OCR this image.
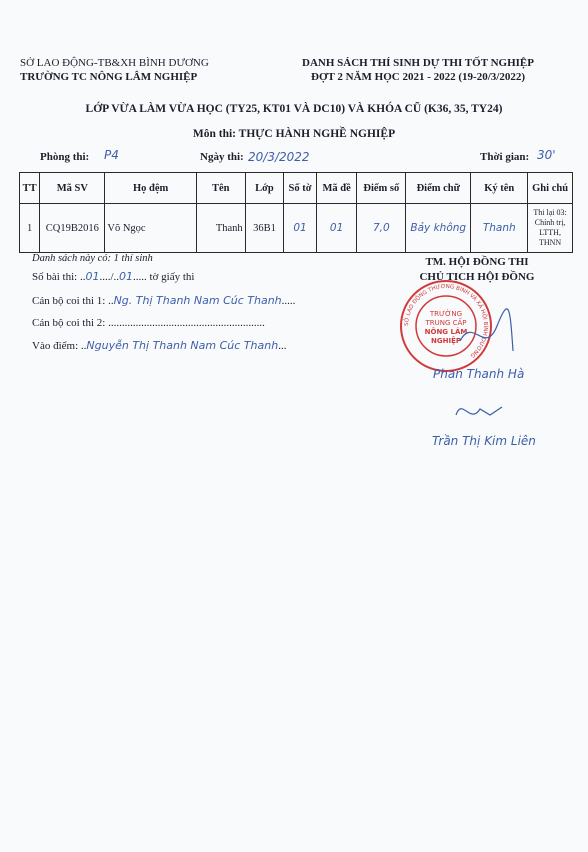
SỞ LAO ĐỘNG-TB&XH BÌNH DƯƠNG
TRƯỜNG TC NÔNG LÂM NGHIỆP
DANH SÁCH THÍ SINH DỰ THI TỐT NGHIỆP
ĐỢT 2 NĂM HỌC 2021 - 2022 (19-20/3/2022)
LỚP VỪA LÀM VỪA HỌC (TY25, KT01 VÀ DC10) VÀ KHÓA CŨ (K36, 35, TY24)
Môn thi: THỰC HÀNH NGHỀ NGHIỆP
Phòng thi: P4	Ngày thi: 20/3/2022	Thời gian: 30'
TT	Mã SV	Họ đệm	Tên	Lớp	Số tờ	Mã đề	Điểm số	Điểm chữ	Ký tên	Ghi chú
1	CQ19B2016	Võ Ngọc	Thanh	36B1	01	01	7,0	Bảy không	Thanh	Thi lại 03: Chính trị, LTTH, THNN
Danh sách này có: 1 thí sinh
Số bài thi: ..01..../..01..... tờ giấy thi
Cán bộ coi thi 1: ..Ng. Thị Thanh Nam Cúc Thanh.....
Cán bộ coi thi 2: .........................................................
Vào điểm: ..Nguyễn Thị Thanh Nam Cúc Thanh...
TM. HỘI ĐỒNG THI
CHỦ TỊCH HỘI ĐỒNG
SỞ LAO ĐỘNG THƯƠNG BINH VÀ XÃ HỘI BÌNH DƯƠNG
TRƯỜNG
TRUNG CẤP
NÔNG LÂM NGHIỆP
Phan Thanh Hà
Trần Thị Kim Liên
